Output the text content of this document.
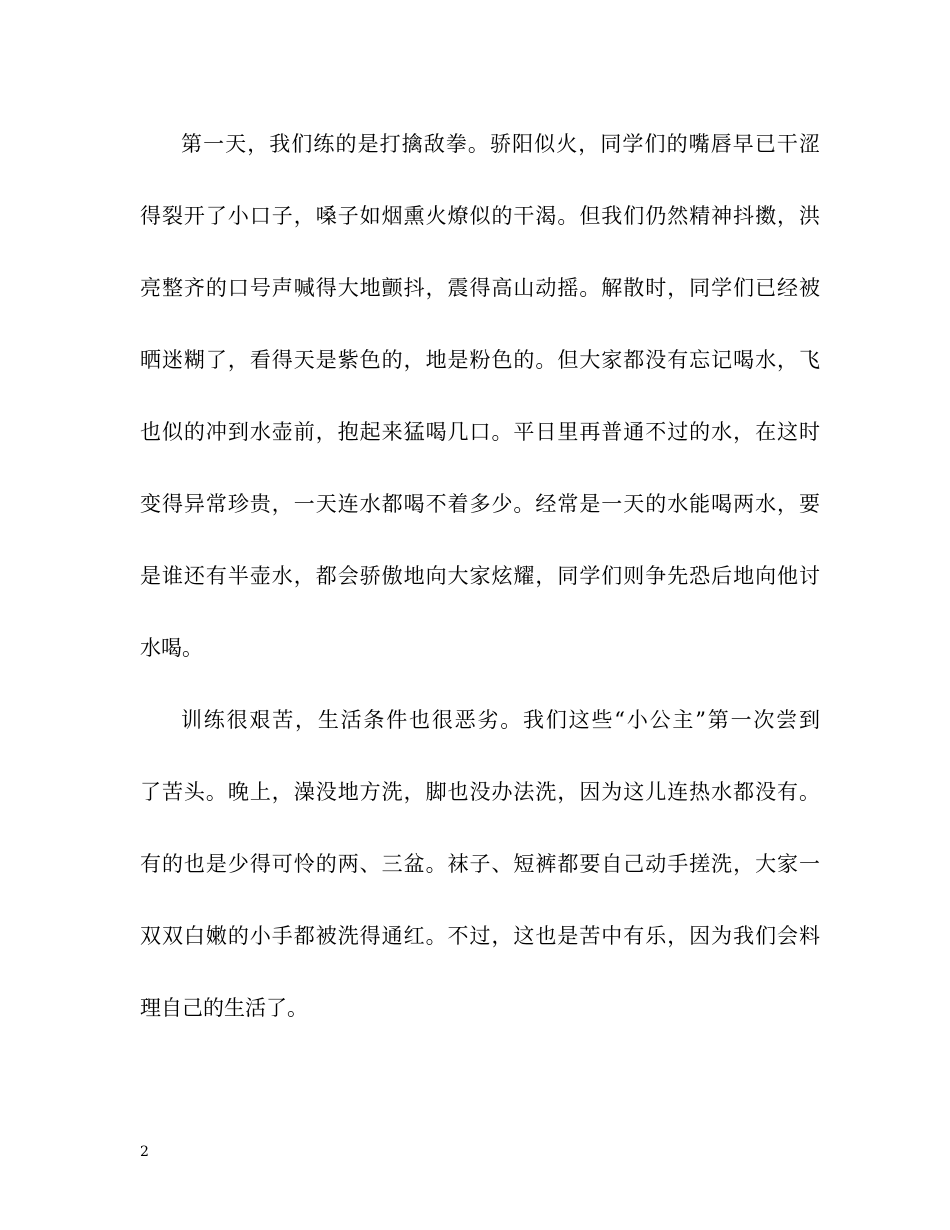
第一天，我们练的是打擒敌拳。骄阳似火，同学们的嘴唇早已干涩
得裂开了小口子，嗓子如烟熏火燎似的干渴。但我们仍然精神抖擞，洪
亮整齐的口号声喊得大地颤抖，震得高山动摇。解散时，同学们已经被
晒迷糊了，看得天是紫色的，地是粉色的。但大家都没有忘记喝水，飞
也似的冲到水壶前，抱起来猛喝几口。平日里再普通不过的水，在这时
变得异常珍贵，一天连水都喝不着多少。经常是一天的水能喝两水，要
是谁还有半壶水，都会骄傲地向大家炫耀，同学们则争先恐后地向他讨
水喝。
训练很艰苦，生活条件也很恶劣。我们这些“小公主”第一次尝到
了苦头。晚上，澡没地方洗，脚也没办法洗，因为这儿连热水都没有。
有的也是少得可怜的两、三盆。袜子、短裤都要自己动手搓洗，大家一
双双白嫩的小手都被洗得通红。不过，这也是苦中有乐，因为我们会料
理自己的生活了。
2
